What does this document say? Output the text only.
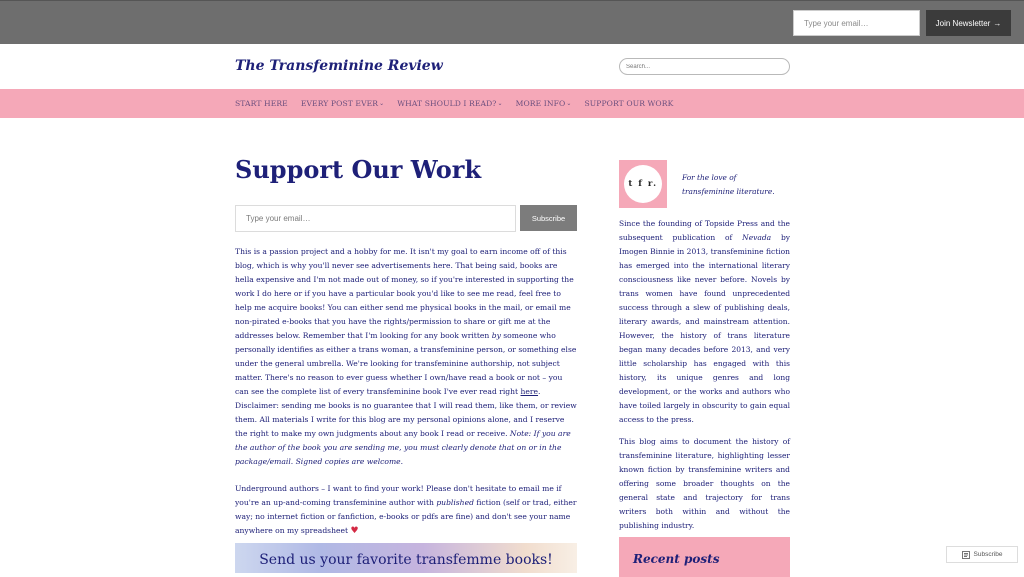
Type your email…
Join Newsletter →
The Transfeminine Review
Search...
START HERE EVERY POST EVER ⌄ WHAT SHOULD I READ? ⌄ MORE INFO ⌄ SUPPORT OUR WORK
Support Our Work
Type your email…
Subscribe

This is a passion project and a hobby for me. It isn't my goal to earn income off of this blog, which is why you'll never see advertisements here. That being said, books are hella expensive and I'm not made out of money, so if you're interested in supporting the work I do here or if you have a particular book you'd like to see me read, feel free to help me acquire books! You can either send me physical books in the mail, or email me non-pirated e-books that you have the rights/permission to share or gift me at the addresses below. Remember that I'm looking for any book written by someone who personally identifies as either a trans woman, a transfeminine person, or something else under the general umbrella. We're looking for transfeminine authorship, not subject matter. There's no reason to ever guess whether I own/have read a book or not – you can see the complete list of every transfeminine book I've ever read right here. Disclaimer: sending me books is no guarantee that I will read them, like them, or review them. All materials I write for this blog are my personal opinions alone, and I reserve the right to make my own judgments about any book I read or receive. Note: If you are the author of the book you are sending me, you must clearly denote that on or in the package/email. Signed copies are welcome.

Underground authors – I want to find your work! Please don't hesitate to email me if you're an up-and-coming transfeminine author with published fiction (self or trad, either way; no internet fiction or fanfiction, e-books or pdfs are fine) and don't see your name anywhere on my spreadsheet ♥

Send us your favorite transfemme books!
t f r.
For the love of transfeminine literature.

Since the founding of Topside Press and the subsequent publication of Nevada by Imogen Binnie in 2013, transfeminine fiction has emerged into the international literary consciousness like never before. Novels by trans women have found unprecedented success through a slew of publishing deals, literary awards, and mainstream attention. However, the history of trans literature began many decades before 2013, and very little scholarship has engaged with this history, its unique genres and long development, or the works and authors who have toiled largely in obscurity to gain equal access to the press.

This blog aims to document the history of transfeminine literature, highlighting lesser known fiction by transfeminine writers and offering some broader thoughts on the general state and trajectory for trans writers both within and without the publishing industry.

Recent posts	Subscribe
